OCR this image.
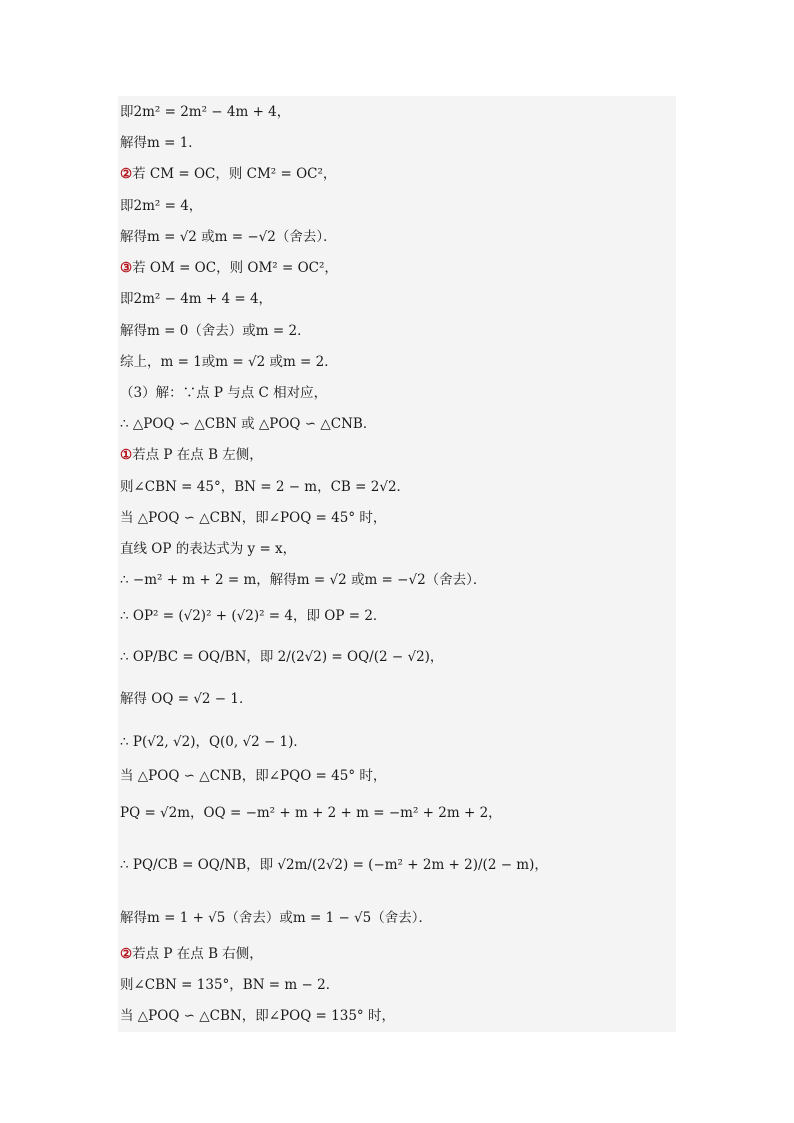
即2m² = 2m² − 4m + 4，
解得m = 1．
②若 CM = OC，则 CM² = OC²，
即2m² = 4，
解得m = √2 或m = −√2（舍去）．
③若 OM = OC，则 OM² = OC²，
即2m² − 4m + 4 = 4，
解得m = 0（舍去）或m = 2．
综上，m = 1或m = √2 或m = 2．
（3）解：∵点 P 与点 C 相对应，
∴ △POQ ∽ △CBN 或 △POQ ∽ △CNB．
①若点 P 在点 B 左侧，
则∠CBN = 45°，BN = 2 − m，CB = 2√2．
当 △POQ ∽ △CBN，即∠POQ = 45° 时，
直线 OP 的表达式为 y = x，
∴ −m² + m + 2 = m，解得m = √2 或m = −√2（舍去）．
∴ OP² = (√2)² + (√2)² = 4，即 OP = 2．
∴ OP/BC = OQ/BN，即 2/(2√2) = OQ/(2 − √2)，
解得 OQ = √2 − 1．
∴ P(√2, √2)，Q(0, √2 − 1)．
当 △POQ ∽ △CNB，即∠PQO = 45° 时，
PQ = √2m，OQ = −m² + m + 2 + m = −m² + 2m + 2，
∴ PQ/CB = OQ/NB，即 √2m/(2√2) = (−m² + 2m + 2)/(2 − m)，
解得m = 1 + √5（舍去）或m = 1 − √5（舍去）．
②若点 P 在点 B 右侧，
则∠CBN = 135°，BN = m − 2．
当 △POQ ∽ △CBN，即∠POQ = 135° 时，
